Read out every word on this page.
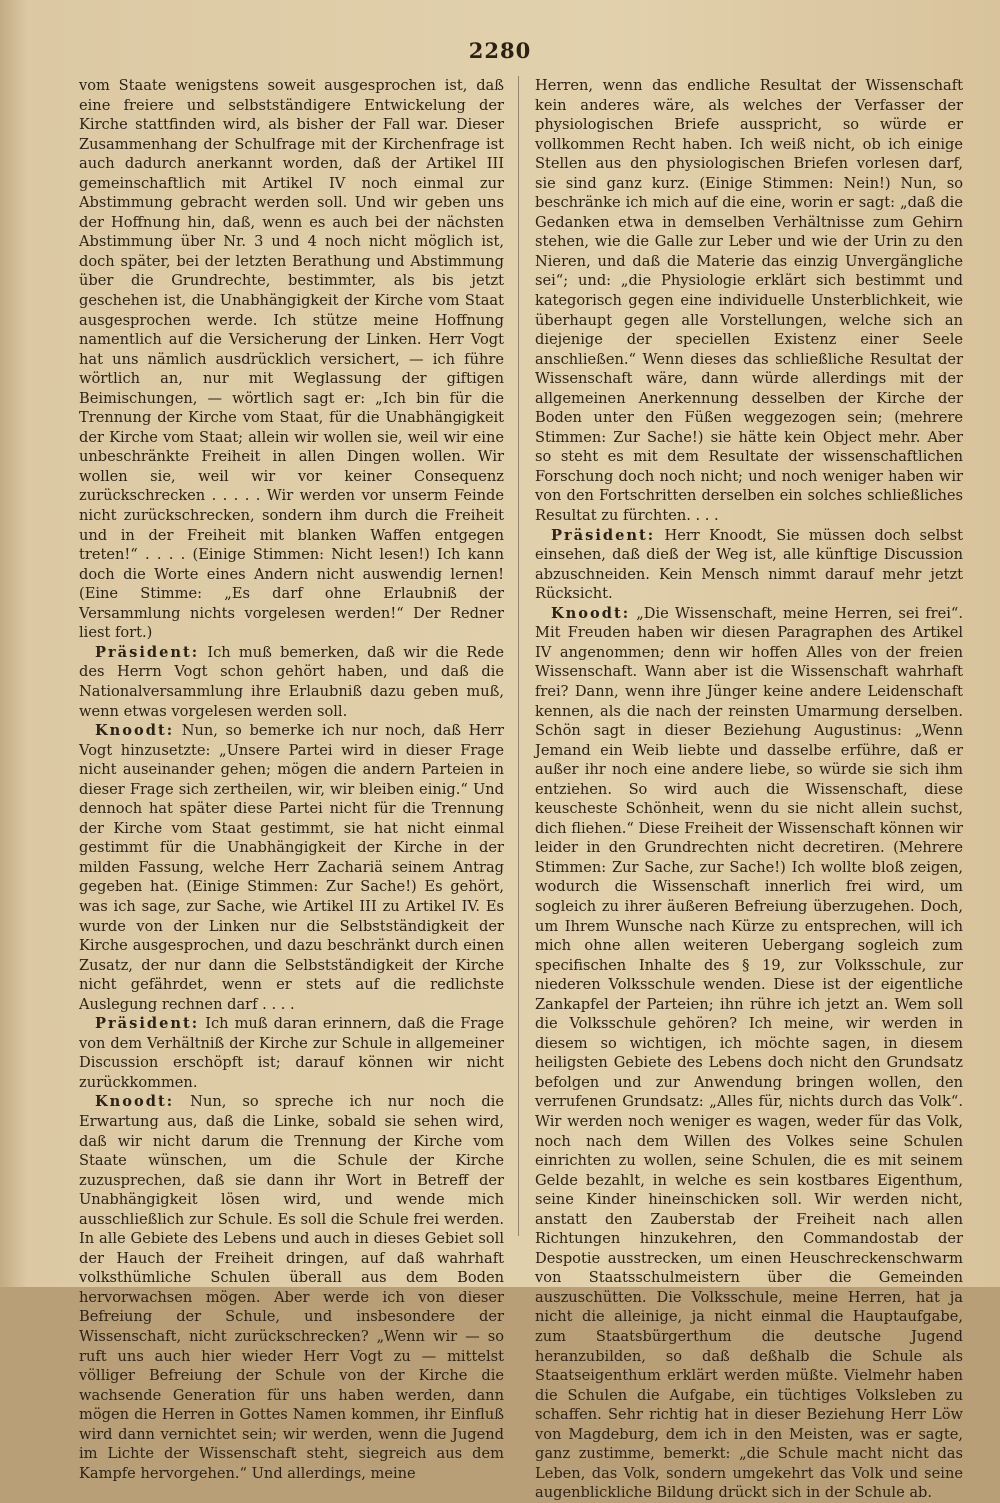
2280

vom Staate wenigstens soweit ausgesprochen ist, daß eine freiere und selbstständigere Entwickelung der Kirche stattfinden wird, als bisher der Fall war. Dieser Zusammenhang der Schulfrage mit der Kirchenfrage ist auch dadurch anerkannt worden, daß der Artikel III gemeinschaftlich mit Artikel IV noch einmal zur Abstimmung gebracht werden soll. Und wir geben uns der Hoffnung hin, daß, wenn es auch bei der nächsten Abstimmung über Nr. 3 und 4 noch nicht möglich ist, doch später, bei der letzten Berathung und Abstimmung über die Grundrechte, bestimmter, als bis jetzt geschehen ist, die Unabhängigkeit der Kirche vom Staat ausgesprochen werde. Ich stütze meine Hoffnung namentlich auf die Versicherung der Linken. Herr Vogt hat uns nämlich ausdrücklich versichert, — ich führe wörtlich an, nur mit Weglassung der giftigen Beimischungen, — wörtlich sagt er: „Ich bin für die Trennung der Kirche vom Staat, für die Unabhängigkeit der Kirche vom Staat; allein wir wollen sie, weil wir eine unbeschränkte Freiheit in allen Dingen wollen. Wir wollen sie, weil wir vor keiner Consequenz zurückschrecken . . . . . Wir werden vor unserm Feinde nicht zurückschrecken, sondern ihm durch die Freiheit und in der Freiheit mit blanken Waffen entgegen treten!“ . . . . (Einige Stimmen: Nicht lesen!) Ich kann doch die Worte eines Andern nicht auswendig lernen! (Eine Stimme: „Es darf ohne Erlaubniß der Versammlung nichts vorgelesen werden!“ Der Redner liest fort.)

Präsident: Ich muß bemerken, daß wir die Rede des Herrn Vogt schon gehört haben, und daß die Nationalversammlung ihre Erlaubniß dazu geben muß, wenn etwas vorgelesen werden soll.

Knoodt: Nun, so bemerke ich nur noch, daß Herr Vogt hinzusetzte: „Unsere Partei wird in dieser Frage nicht auseinander gehen; mögen die andern Parteien in dieser Frage sich zertheilen, wir, wir bleiben einig.“ Und dennoch hat später diese Partei nicht für die Trennung der Kirche vom Staat gestimmt, sie hat nicht einmal gestimmt für die Unabhängigkeit der Kirche in der milden Fassung, welche Herr Zachariä seinem Antrag gegeben hat. (Einige Stimmen: Zur Sache!) Es gehört, was ich sage, zur Sache, wie Artikel III zu Artikel IV. Es wurde von der Linken nur die Selbstständigkeit der Kirche ausgesprochen, und dazu beschränkt durch einen Zusatz, der nur dann die Selbstständigkeit der Kirche nicht gefährdet, wenn er stets auf die redlichste Auslegung rechnen darf . . . .

Präsident: Ich muß daran erinnern, daß die Frage von dem Verhältniß der Kirche zur Schule in allgemeiner Discussion erschöpft ist; darauf können wir nicht zurückkommen.

Knoodt: Nun, so spreche ich nur noch die Erwartung aus, daß die Linke, sobald sie sehen wird, daß wir nicht darum die Trennung der Kirche vom Staate wünschen, um die Schule der Kirche zuzusprechen, daß sie dann ihr Wort in Betreff der Unabhängigkeit lösen wird, und wende mich ausschließlich zur Schule. Es soll die Schule frei werden. In alle Gebiete des Lebens und auch in dieses Gebiet soll der Hauch der Freiheit dringen, auf daß wahrhaft volksthümliche Schulen überall aus dem Boden hervorwachsen mögen. Aber werde ich von dieser Befreiung der Schule, und insbesondere der Wissenschaft, nicht zurückschrecken? „Wenn wir — so ruft uns auch hier wieder Herr Vogt zu — mittelst völliger Befreiung der Schule von der Kirche die wachsende Generation für uns haben werden, dann mögen die Herren in Gottes Namen kommen, ihr Einfluß wird dann vernichtet sein; wir werden, wenn die Jugend im Lichte der Wissenschaft steht, siegreich aus dem Kampfe hervorgehen.“ Und allerdings, meine

Herren, wenn das endliche Resultat der Wissenschaft kein anderes wäre, als welches der Verfasser der physiologischen Briefe ausspricht, so würde er vollkommen Recht haben. Ich weiß nicht, ob ich einige Stellen aus den physiologischen Briefen vorlesen darf, sie sind ganz kurz. (Einige Stimmen: Nein!) Nun, so beschränke ich mich auf die eine, worin er sagt: „daß die Gedanken etwa in demselben Verhältnisse zum Gehirn stehen, wie die Galle zur Leber und wie der Urin zu den Nieren, und daß die Materie das einzig Unvergängliche sei“; und: „die Physiologie erklärt sich bestimmt und kategorisch gegen eine individuelle Unsterblichkeit, wie überhaupt gegen alle Vorstellungen, welche sich an diejenige der speciellen Existenz einer Seele anschließen.“ Wenn dieses das schließliche Resultat der Wissenschaft wäre, dann würde allerdings mit der allgemeinen Anerkennung desselben der Kirche der Boden unter den Füßen weggezogen sein; (mehrere Stimmen: Zur Sache!) sie hätte kein Object mehr. Aber so steht es mit dem Resultate der wissenschaftlichen Forschung doch noch nicht; und noch weniger haben wir von den Fortschritten derselben ein solches schließliches Resultat zu fürchten. . . .

Präsident: Herr Knoodt, Sie müssen doch selbst einsehen, daß dieß der Weg ist, alle künftige Discussion abzuschneiden. Kein Mensch nimmt darauf mehr jetzt Rücksicht.

Knoodt: „Die Wissenschaft, meine Herren, sei frei“. Mit Freuden haben wir diesen Paragraphen des Artikel IV angenommen; denn wir hoffen Alles von der freien Wissenschaft. Wann aber ist die Wissenschaft wahrhaft frei? Dann, wenn ihre Jünger keine andere Leidenschaft kennen, als die nach der reinsten Umarmung derselben. Schön sagt in dieser Beziehung Augustinus: „Wenn Jemand ein Weib liebte und dasselbe erführe, daß er außer ihr noch eine andere liebe, so würde sie sich ihm entziehen. So wird auch die Wissenschaft, diese keuscheste Schönheit, wenn du sie nicht allein suchst, dich fliehen.“ Diese Freiheit der Wissenschaft können wir leider in den Grundrechten nicht decretiren. (Mehrere Stimmen: Zur Sache, zur Sache!) Ich wollte bloß zeigen, wodurch die Wissenschaft innerlich frei wird, um sogleich zu ihrer äußeren Befreiung überzugehen. Doch, um Ihrem Wunsche nach Kürze zu entsprechen, will ich mich ohne allen weiteren Uebergang sogleich zum specifischen Inhalte des § 19, zur Volksschule, zur niederen Volksschule wenden. Diese ist der eigentliche Zankapfel der Parteien; ihn rühre ich jetzt an. Wem soll die Volksschule gehören? Ich meine, wir werden in diesem so wichtigen, ich möchte sagen, in diesem heiligsten Gebiete des Lebens doch nicht den Grundsatz befolgen und zur Anwendung bringen wollen, den verrufenen Grundsatz: „Alles für, nichts durch das Volk“. Wir werden noch weniger es wagen, weder für das Volk, noch nach dem Willen des Volkes seine Schulen einrichten zu wollen, seine Schulen, die es mit seinem Gelde bezahlt, in welche es sein kostbares Eigenthum, seine Kinder hineinschicken soll. Wir werden nicht, anstatt den Zauberstab der Freiheit nach allen Richtungen hinzukehren, den Commandostab der Despotie ausstrecken, um einen Heuschreckenschwarm von Staatsschulmeistern über die Gemeinden auszuschütten. Die Volksschule, meine Herren, hat ja nicht die alleinige, ja nicht einmal die Hauptaufgabe, zum Staatsbürgerthum die deutsche Jugend heranzubilden, so daß deßhalb die Schule als Staatseigenthum erklärt werden müßte. Vielmehr haben die Schulen die Aufgabe, ein tüchtiges Volksleben zu schaffen. Sehr richtig hat in dieser Beziehung Herr Löw von Magdeburg, dem ich in den Meisten, was er sagte, ganz zustimme, bemerkt: „die Schule macht nicht das Leben, das Volk, sondern umgekehrt das Volk und seine augenblickliche Bildung drückt sich in der Schule ab.
